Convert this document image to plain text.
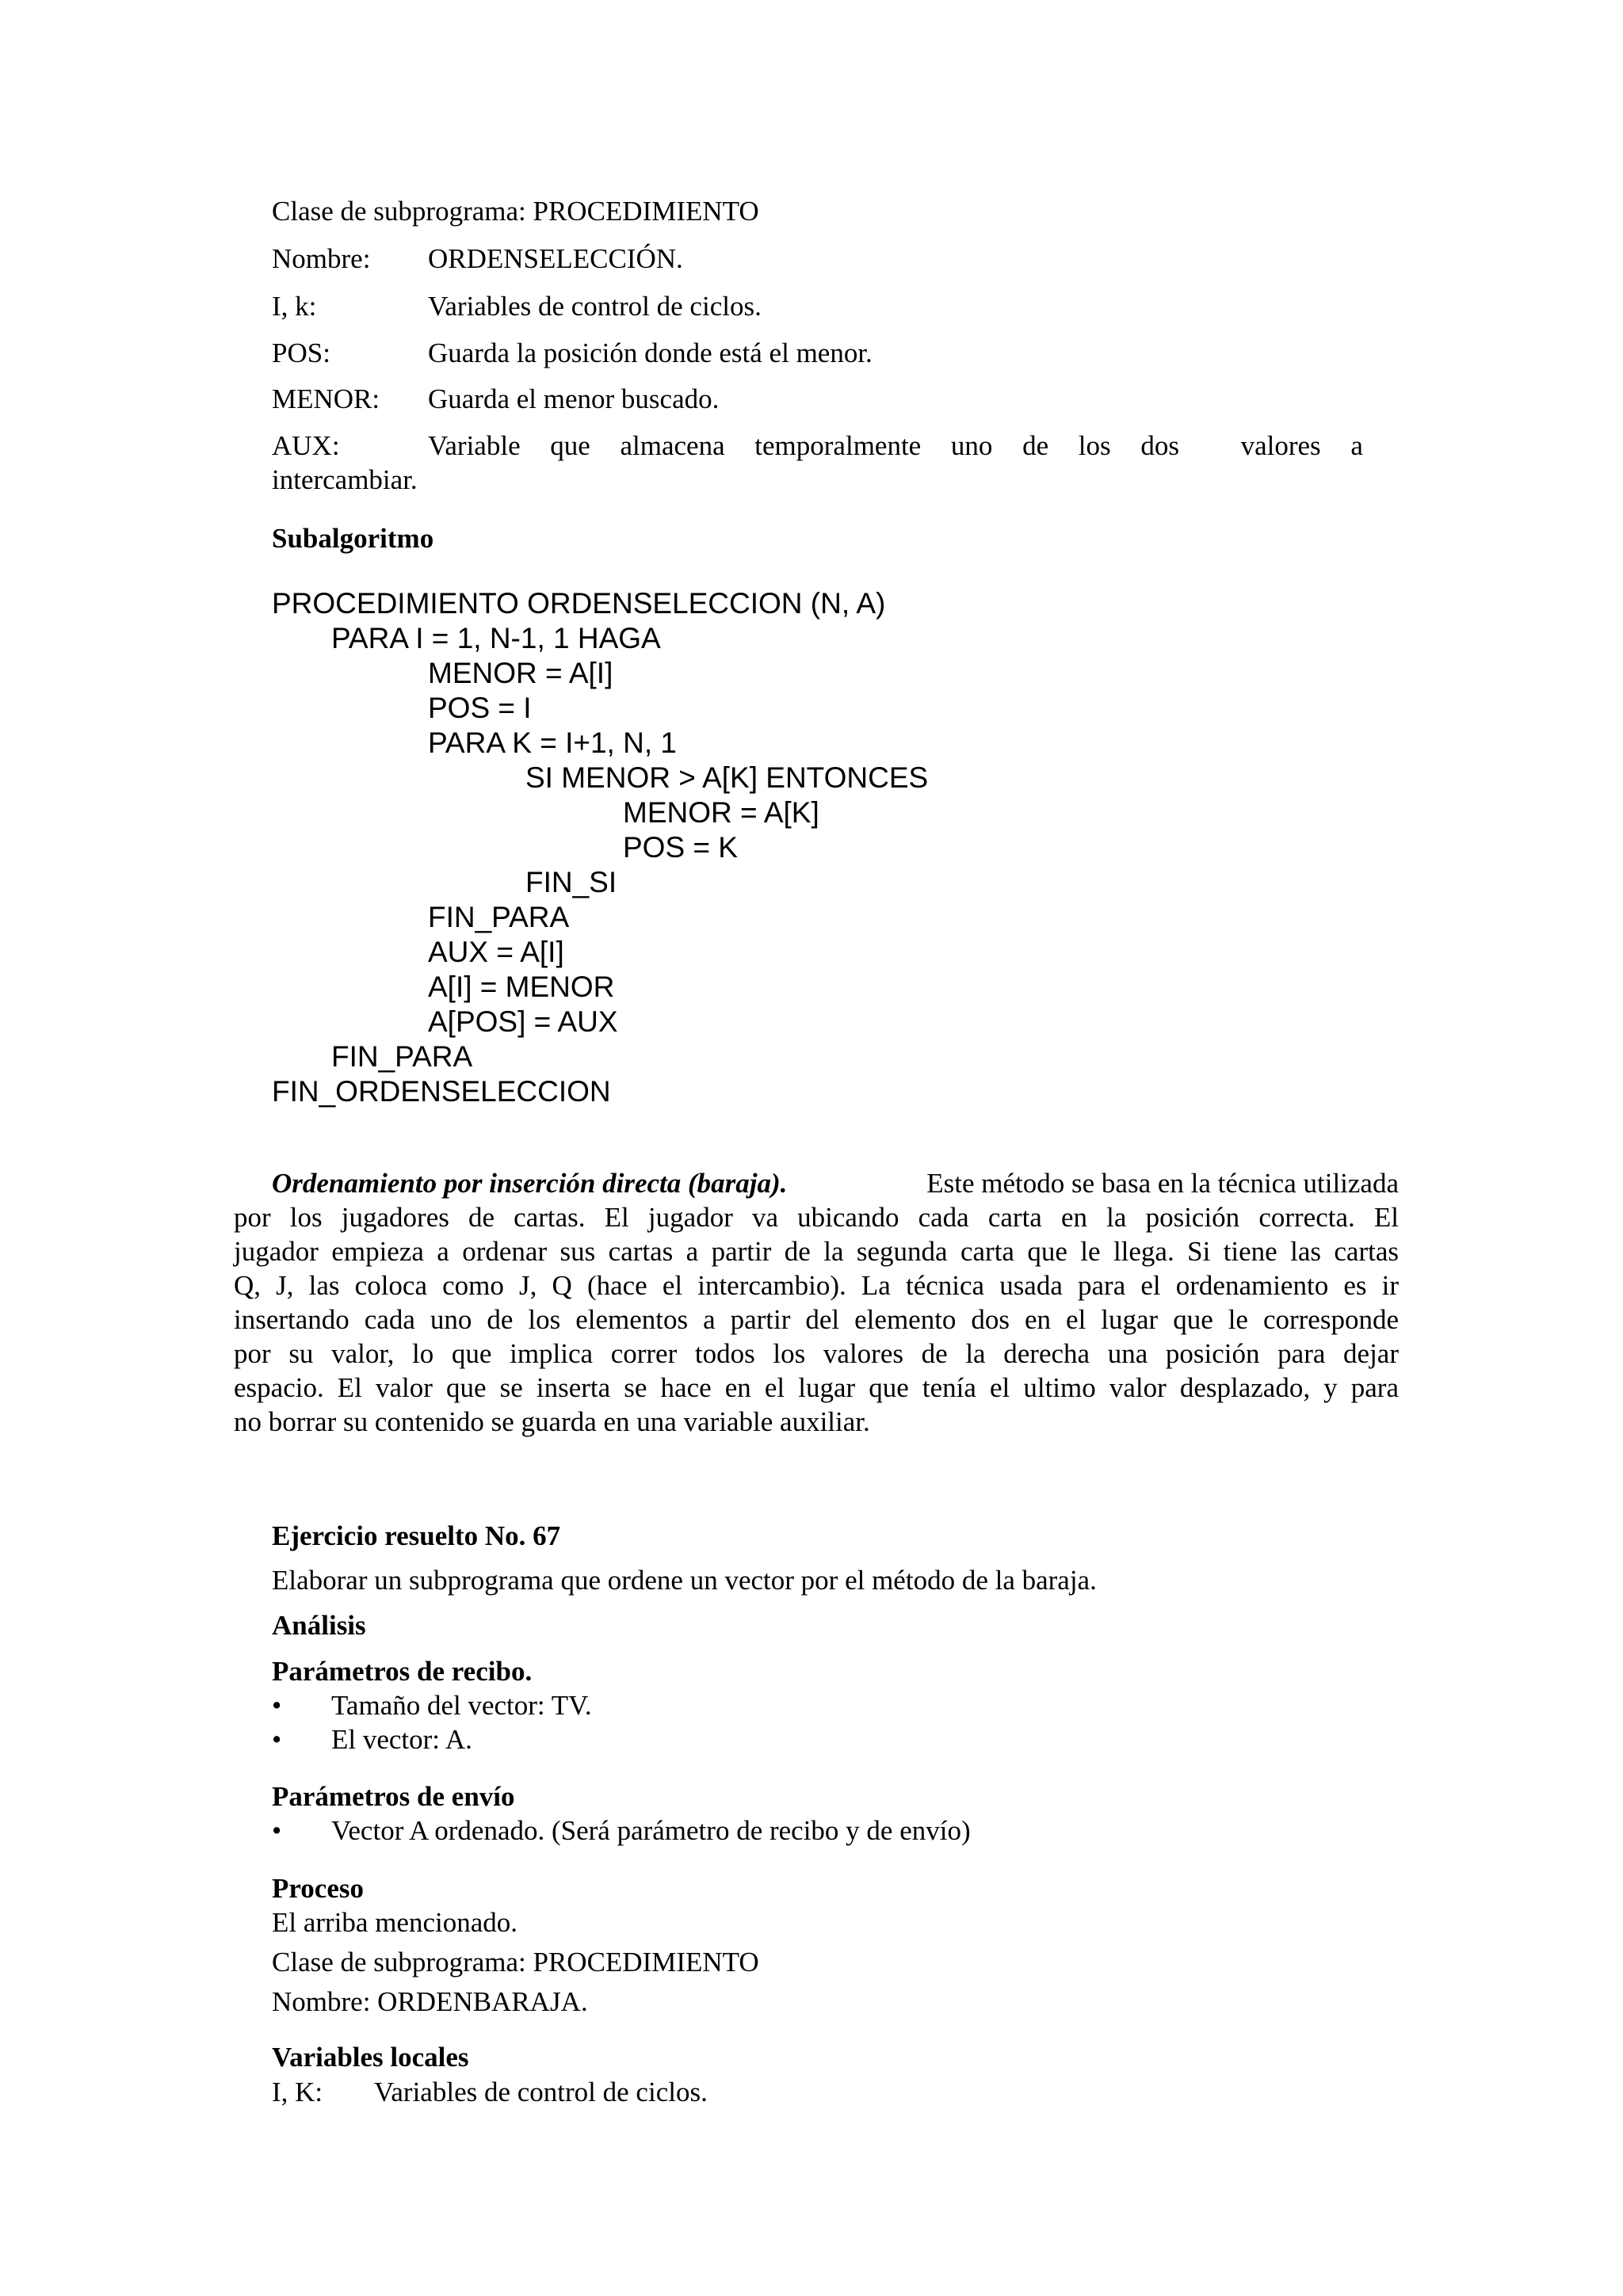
Clase de subprograma: PROCEDIMIENTO
Nombre: ORDENSELECCIÓN.
I, k:	Variables de control de ciclos.
POS:	Guarda la posición donde está el menor.
MENOR: Guarda el menor buscado.
AUX:	Variable que almacena temporalmente uno de los dos valores a
intercambiar.
Subalgoritmo
PROCEDIMIENTO ORDENSELECCION (N, A)
PARA I = 1, N-1, 1 HAGA
MENOR = A[I]
POS = I
PARA K = I+1, N, 1
SI MENOR > A[K] ENTONCES
MENOR = A[K]
POS = K
FIN_SI
FIN_PARA
AUX = A[I]
A[I] = MENOR
A[POS] = AUX
FIN_PARA
FIN_ORDENSELECCION
Ordenamiento por inserción directa (baraja).	Este método se basa en la técnica utilizada
por los jugadores de cartas. El jugador va ubicando cada carta en la posición correcta. El
jugador empieza a ordenar sus cartas a partir de la segunda carta que le llega. Si tiene las cartas
Q, J, las coloca como J, Q (hace el intercambio). La técnica usada para el ordenamiento es ir
insertando cada uno de los elementos a partir del elemento dos en el lugar que le corresponde
por su valor, lo que implica correr todos los valores de la derecha una posición para dejar
espacio. El valor que se inserta se hace en el lugar que tenía el ultimo valor desplazado, y para
no borrar su contenido se guarda en una variable auxiliar.
Ejercicio resuelto No. 67
Elaborar un subprograma que ordene un vector por el método de la baraja.
Análisis
Parámetros de recibo.
• Tamaño del vector: TV.
• El vector: A.
Parámetros de envío
• Vector A ordenado. (Será parámetro de recibo y de envío)
Proceso
El arriba mencionado.
Clase de subprograma: PROCEDIMIENTO
Nombre: ORDENBARAJA.
Variables locales
I, K: Variables de control de ciclos.
